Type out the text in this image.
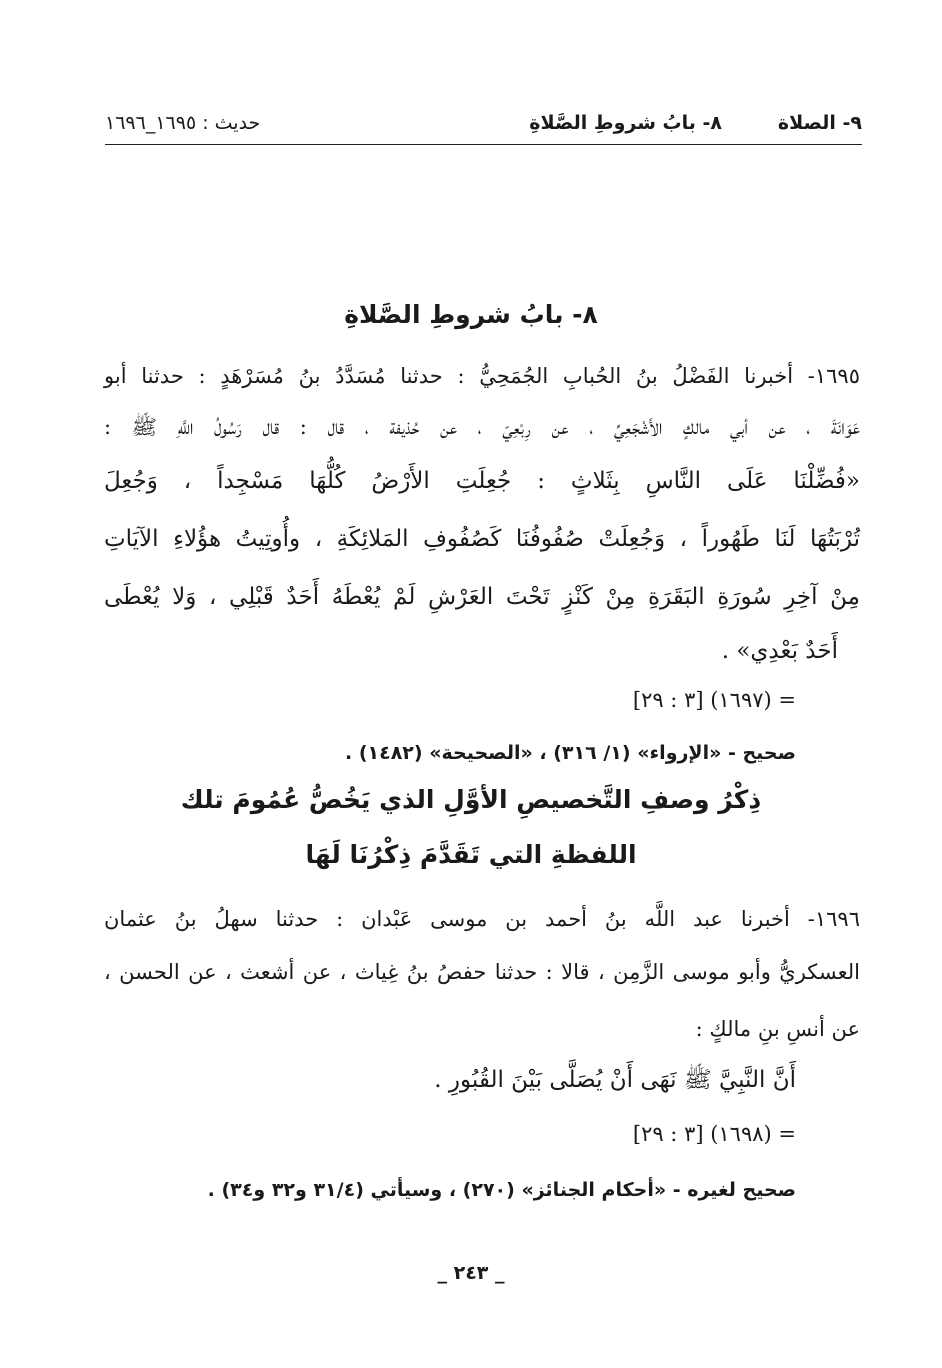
٩- الصلاة
٨- بابُ شروطِ الصَّلاةِ
حديث : ١٦٩٥_١٦٩٦
٨- بابُ شروطِ الصَّلاةِ
١٦٩٥- أخبرنا الفَضْلُ بنُ الحُبابِ الجُمَحِيُّ : حدثنا مُسَدَّدُ بنُ مُسَرْهَدٍ : حدثنا أبو
عَوَانَةَ ، عن أبي مالكٍ الأَشْجَعِيِّ ، عن رِبْعِيّ ، عن حُذيفة ، قال : قال رَسُولُ اللَّهِ ﷺ :
«فُضِّلْنَا عَلَى النَّاسِ بِثَلاثٍ : جُعِلَتِ الأَرْضُ كُلُّهَا مَسْجِداً ، وَجُعِلَ
تُرْبَتُهَا لَنَا طَهُوراً ، وَجُعِلَتْ صُفُوفُنَا كَصُفُوفِ المَلائِكَةِ ، وأُوتِيتُ هؤُلاءِ الآيَاتِ
مِنْ آخِرِ سُورَةِ البَقَرَةِ مِنْ كَنْزٍ تَحْتَ العَرْشِ لَمْ يُعْطَهُ أَحَدٌ قَبْلِي ، وَلا يُعْطَى
أَحَدٌ بَعْدِي» .
= (١٦٩٧) [٣ : ٢٩]
صحيح - «الإرواء» (١/ ٣١٦) ، «الصحيحة» (١٤٨٢) .
ذِكْرُ وصفِ التَّخصيصِ الأوَّلِ الذي يَخُصُّ عُمُومَ تلك
اللفظةِ التي تَقَدَّمَ ذِكْرُنَا لَهَا
١٦٩٦- أخبرنا عبد اللَّه بنُ أحمد بن موسى عَبْدان : حدثنا سهلُ بنُ عثمان
العسكريُّ وأبو موسى الزَّمِن ، قالا : حدثنا حفصُ بنُ غِياث ، عن أشعث ، عن الحسن ،
عن أنسِ بنِ مالكٍ :
أَنَّ النَّبِيَّ ﷺ نَهَى أَنْ يُصَلَّى بَيْنَ القُبُورِ .
= (١٦٩٨) [٣ : ٢٩]
صحيح لغيره - «أحكام الجنائز» (٢٧٠) ، وسيأتي (٣١/٤ و٣٢ و٣٤) .
_ ٢٤٣ _
